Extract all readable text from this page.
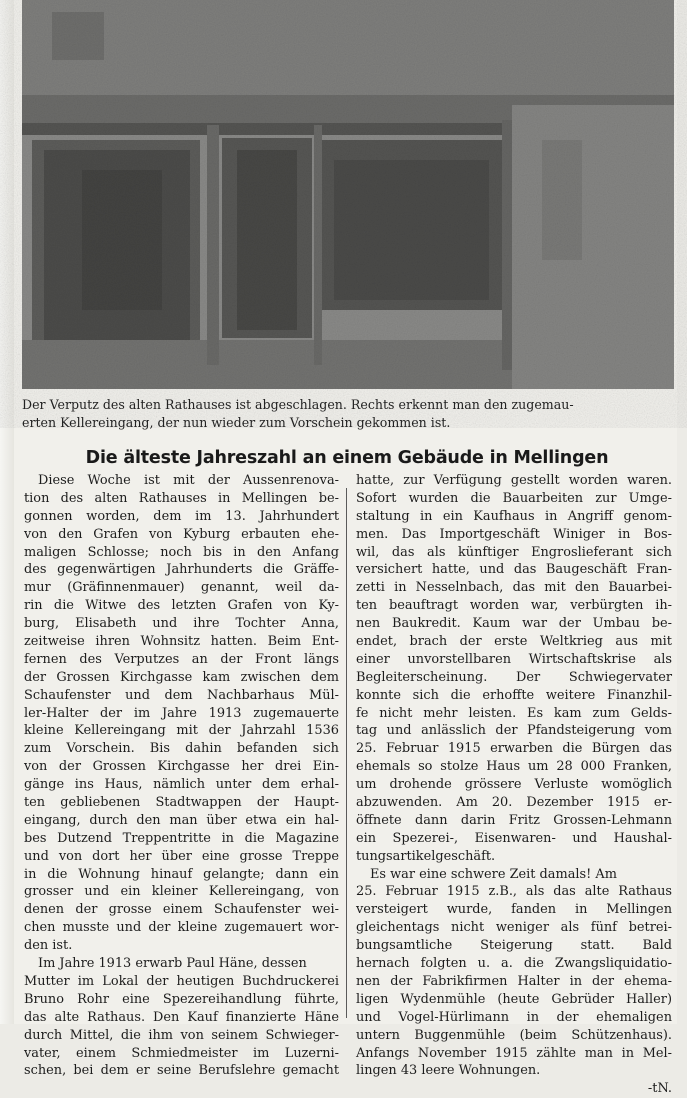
Der Verputz des alten Rathauses ist abgeschlagen. Rechts erkennt man den zugemau-
erten Kellereingang, der nun wieder zum Vorschein gekommen ist.
Die älteste Jahreszahl an einem Gebäude in Mellingen
Diese Woche ist mit der Aussenrenova-
tion des alten Rathauses in Mellingen be-
gonnen worden, dem im 13. Jahrhundert
von den Grafen von Kyburg erbauten ehe-
maligen Schlosse; noch bis in den Anfang
des gegenwärtigen Jahrhunderts die Gräffe-
mur (Gräfinnenmauer) genannt, weil da-
rin die Witwe des letzten Grafen von Ky-
burg, Elisabeth und ihre Tochter Anna,
zeitweise ihren Wohnsitz hatten. Beim Ent-
fernen des Verputzes an der Front längs
der Grossen Kirchgasse kam zwischen dem
Schaufenster und dem Nachbarhaus Mül-
ler-Halter der im Jahre 1913 zugemauerte
kleine Kellereingang mit der Jahrzahl 1536
zum Vorschein. Bis dahin befanden sich
von der Grossen Kirchgasse her drei Ein-
gänge ins Haus, nämlich unter dem erhal-
ten gebliebenen Stadtwappen der Haupt-
eingang, durch den man über etwa ein hal-
bes Dutzend Treppentritte in die Magazine
und von dort her über eine grosse Treppe
in die Wohnung hinauf gelangte; dann ein
grosser und ein kleiner Kellereingang, von
denen der grosse einem Schaufenster wei-
chen musste und der kleine zugemauert wor-
den ist.
Im Jahre 1913 erwarb Paul Häne, dessen
Mutter im Lokal der heutigen Buchdruckerei
Bruno Rohr eine Spezereihandlung führte,
das alte Rathaus. Den Kauf finanzierte Häne
durch Mittel, die ihm von seinem Schwieger-
vater, einem Schmiedmeister im Luzerni-
schen, bei dem er seine Berufslehre gemacht
hatte, zur Verfügung gestellt worden waren.
Sofort wurden die Bauarbeiten zur Umge-
staltung in ein Kaufhaus in Angriff genom-
men. Das Importgeschäft Winiger in Bos-
wil, das als künftiger Engroslieferant sich
versichert hatte, und das Baugeschäft Fran-
zetti in Nesselnbach, das mit den Bauarbei-
ten beauftragt worden war, verbürgten ih-
nen Baukredit. Kaum war der Umbau be-
endet, brach der erste Weltkrieg aus mit
einer unvorstellbaren Wirtschaftskrise als
Begleiterscheinung. Der Schwiegervater
konnte sich die erhoffte weitere Finanzhil-
fe nicht mehr leisten. Es kam zum Gelds-
tag und anlässlich der Pfandsteigerung vom
25. Februar 1915 erwarben die Bürgen das
ehemals so stolze Haus um 28 000 Franken,
um drohende grössere Verluste womöglich
abzuwenden. Am 20. Dezember 1915 er-
öffnete dann darin Fritz Grossen-Lehmann
ein Spezerei-, Eisenwaren- und Haushal-
tungsartikelgeschäft.
Es war eine schwere Zeit damals! Am
25. Februar 1915 z.B., als das alte Rathaus
versteigert wurde, fanden in Mellingen
gleichentags nicht weniger als fünf betrei-
bungsamtliche Steigerung statt. Bald
hernach folgten u. a. die Zwangsliquidatio-
nen der Fabrikfirmen Halter in der ehema-
ligen Wydenmühle (heute Gebrüder Haller)
und Vogel-Hürlimann in der ehemaligen
untern Buggenmühle (beim Schützenhaus).
Anfangs November 1915 zählte man in Mel-
lingen 43 leere Wohnungen.
-tN.
